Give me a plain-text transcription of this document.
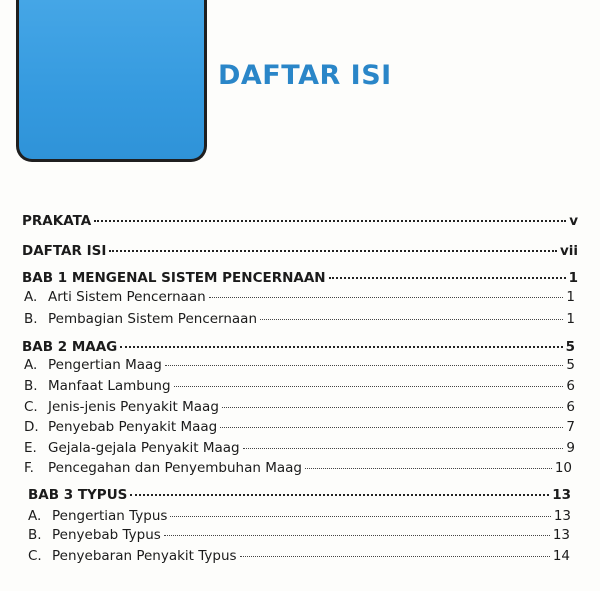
DAFTAR ISI
PRAKATA	v
DAFTAR ISI	vii
BAB 1 MENGENAL SISTEM PENCERNAAN	1
A. Arti Sistem Pencernaan	1
B. Pembagian Sistem Pencernaan	1
BAB 2 MAAG	5
A. Pengertian Maag	5
B. Manfaat Lambung	6
C. Jenis-jenis Penyakit Maag	6
D. Penyebab Penyakit Maag	7
E. Gejala-gejala Penyakit Maag	9
F.	Pencegahan dan Penyembuhan Maag	10
BAB 3 TYPUS	13
A. Pengertian Typus	13
B. Penyebab Typus	13
C. Penyebaran Penyakit Typus	14
